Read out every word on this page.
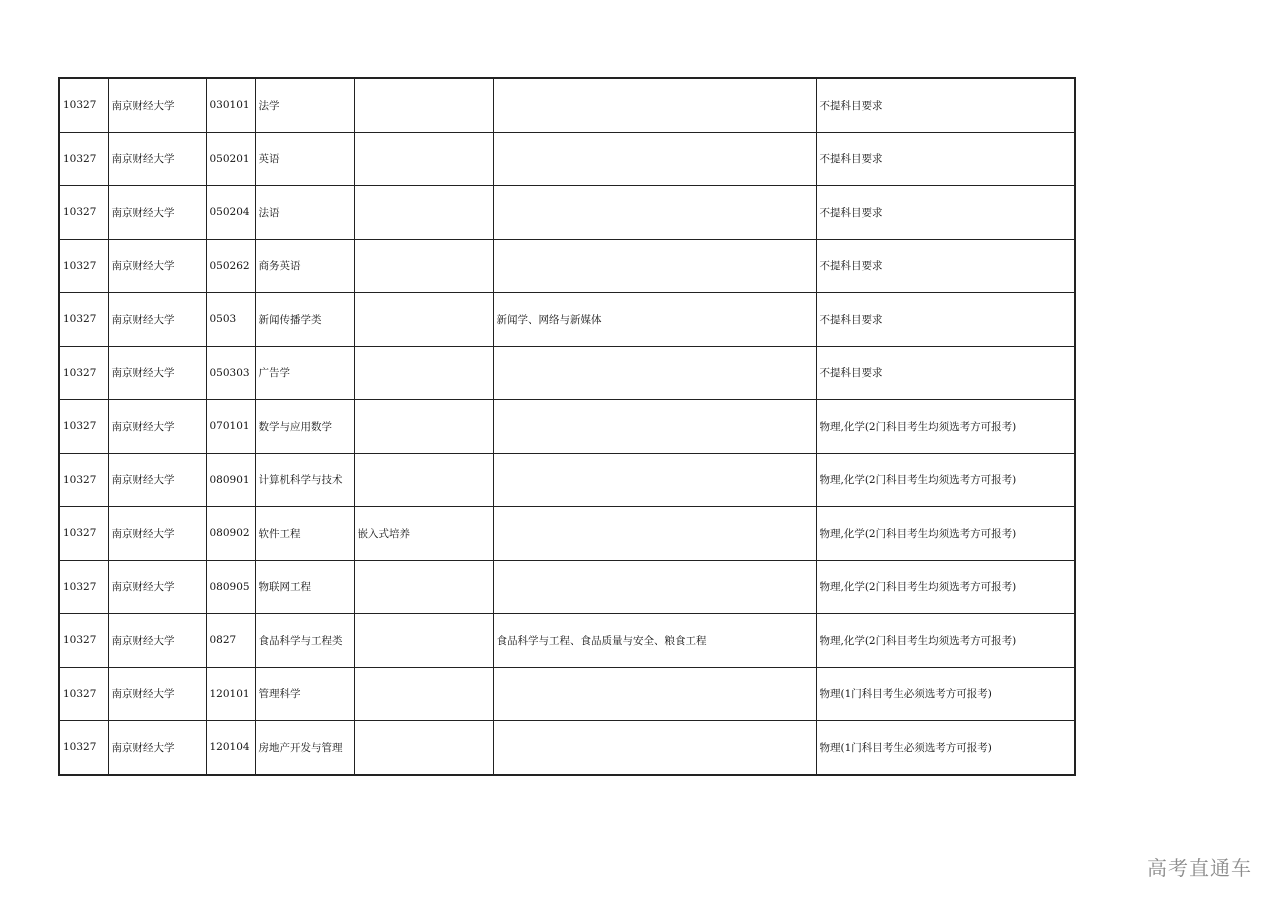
10327	南京财经大学	030101	法学			不提科目要求
10327	南京财经大学	050201	英语			不提科目要求
10327	南京财经大学	050204	法语			不提科目要求
10327	南京财经大学	050262	商务英语			不提科目要求
10327	南京财经大学	0503	新闻传播学类		新闻学、网络与新媒体	不提科目要求
10327	南京财经大学	050303	广告学			不提科目要求
10327	南京财经大学	070101	数学与应用数学			物理,化学(2门科目考生均须选考方可报考)
10327	南京财经大学	080901	计算机科学与技术			物理,化学(2门科目考生均须选考方可报考)
10327	南京财经大学	080902	软件工程	嵌入式培养		物理,化学(2门科目考生均须选考方可报考)
10327	南京财经大学	080905	物联网工程			物理,化学(2门科目考生均须选考方可报考)
10327	南京财经大学	0827	食品科学与工程类		食品科学与工程、食品质量与安全、粮食工程	物理,化学(2门科目考生均须选考方可报考)
10327	南京财经大学	120101	管理科学			物理(1门科目考生必须选考方可报考)
10327	南京财经大学	120104	房地产开发与管理			物理(1门科目考生必须选考方可报考)
高考直通车
